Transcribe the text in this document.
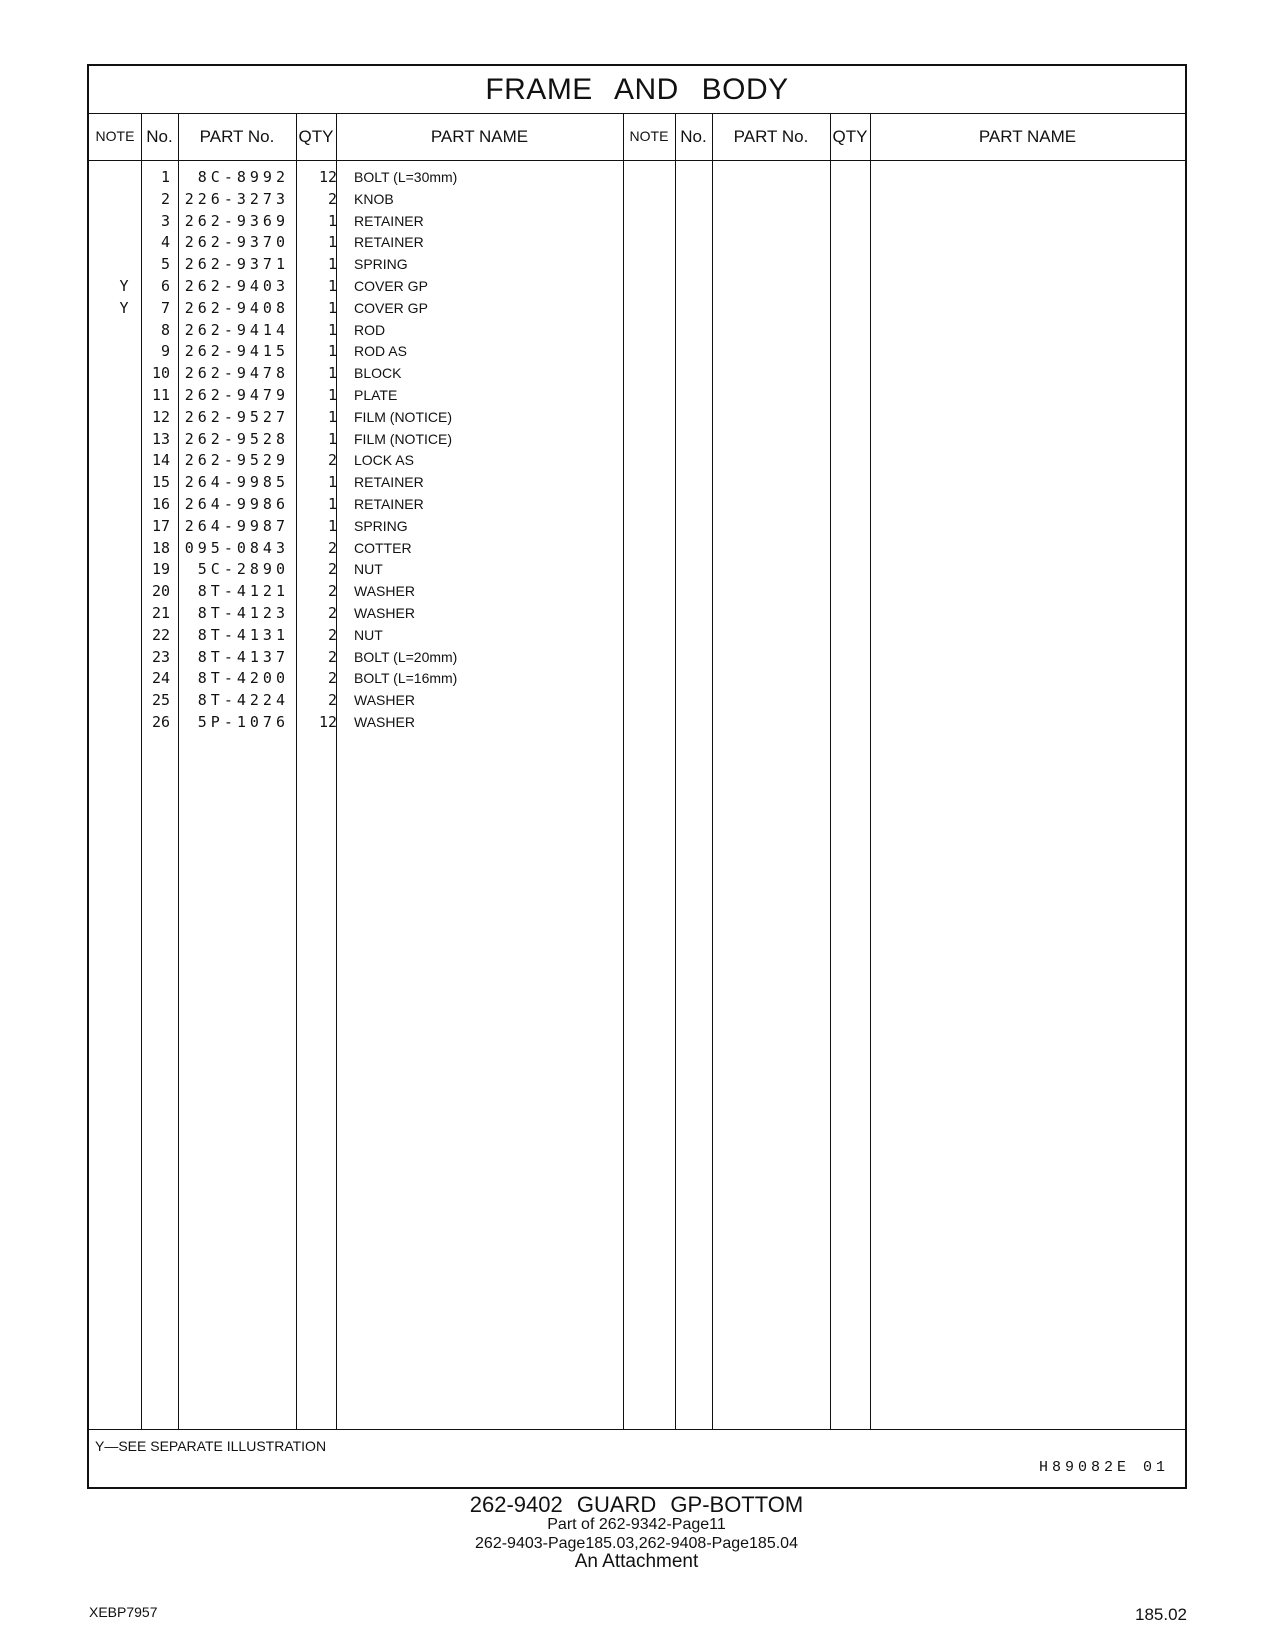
FRAME AND BODY
NOTE No.	PART No.	QTY	PART NAME	NOTE No.	PART No.	QTY	PART NAME
1	8C-8992	12 BOLT (L=30mm)
2 226-3273	2 KNOB
3 262-9369	1 RETAINER
4 262-9370	1 RETAINER
5 262-9371	1 SPRING
Y	6 262-9403	1 COVER GP
Y	7 262-9408	1 COVER GP
8 262-9414	1 ROD
9 262-9415	1 ROD AS
10 262-9478	1 BLOCK
11 262-9479	1 PLATE
12 262-9527	1 FILM (NOTICE)
13 262-9528	1 FILM (NOTICE)
14 262-9529	2 LOCK AS
15 264-9985	1 RETAINER
16 264-9986	1 RETAINER
17 264-9987	1 SPRING
18 095-0843	2 COTTER
19	5C-2890	2 NUT
20	8T-4121	2 WASHER
21	8T-4123	2 WASHER
22	8T-4131	2 NUT
23	8T-4137	2 BOLT (L=20mm)
24	8T-4200	2 BOLT (L=16mm)
25	8T-4224	2 WASHER
26	5P-1076	12 WASHER
Y—SEE SEPARATE ILLUSTRATION
H89082E 01
262-9402 GUARD GP-BOTTOM
Part of 262-9342-Page11
262-9403-Page185.03,262-9408-Page185.04
An Attachment
XEBP7957	185.02
